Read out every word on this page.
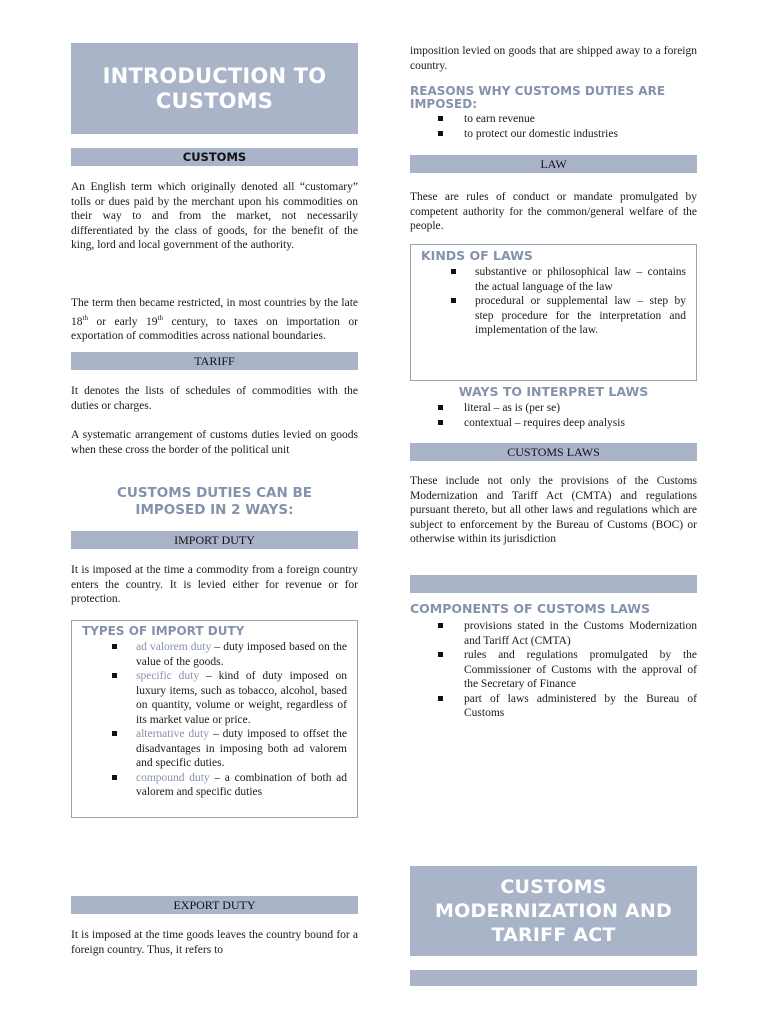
INTRODUCTION TO
CUSTOMS
CUSTOMS
An English term which originally denoted all “customary” tolls or dues paid by the merchant upon his commodities on their way to and from the market, not necessarily differentiated by the class of goods, for the benefit of the king, lord and local government of the authority.
The term then became restricted, in most countries by the late 18th or early 19th century, to taxes on importation or exportation of commodities across national boundaries.
TARIFF
It denotes the lists of schedules of commodities with the duties or charges.
A systematic arrangement of customs duties levied on goods when these cross the border of the political unit
CUSTOMS DUTIES CAN BE
IMPOSED IN 2 WAYS:
IMPORT DUTY
It is imposed at the time a commodity from a foreign country enters the country. It is levied either for revenue or for protection.
TYPES OF IMPORT DUTY
ad valorem duty – duty imposed based on the value of the goods.
specific duty – kind of duty imposed on luxury items, such as tobacco, alcohol, based on quantity, volume or weight, regardless of its market value or price.
alternative duty – duty imposed to offset the disadvantages in imposing both ad valorem and specific duties.
compound duty – a combination of both ad valorem and specific duties
EXPORT DUTY
It is imposed at the time goods leaves the country bound for a foreign country. Thus, it refers to
imposition levied on goods that are shipped away to a foreign country.
REASONS WHY CUSTOMS DUTIES ARE
IMPOSED:
to earn revenue
to protect our domestic industries
LAW
These are rules of conduct or mandate promulgated by competent authority for the common/general welfare of the people.
KINDS OF LAWS
substantive or philosophical law – contains the actual language of the law
procedural or supplemental law – step by step procedure for the interpretation and implementation of the law.
WAYS TO INTERPRET LAWS
literal – as is (per se)
contextual – requires deep analysis
CUSTOMS LAWS
These include not only the provisions of the Customs Modernization and Tariff Act (CMTA) and regulations pursuant thereto, but all other laws and regulations which are subject to enforcement by the Bureau of Customs (BOC) or otherwise within its jurisdiction
COMPONENTS OF CUSTOMS LAWS
provisions stated in the Customs Modernization and Tariff Act (CMTA)
rules and regulations promulgated by the Commissioner of Customs with the approval of the Secretary of Finance
part of laws administered by the Bureau of Customs
CUSTOMS
MODERNIZATION AND
TARIFF ACT
